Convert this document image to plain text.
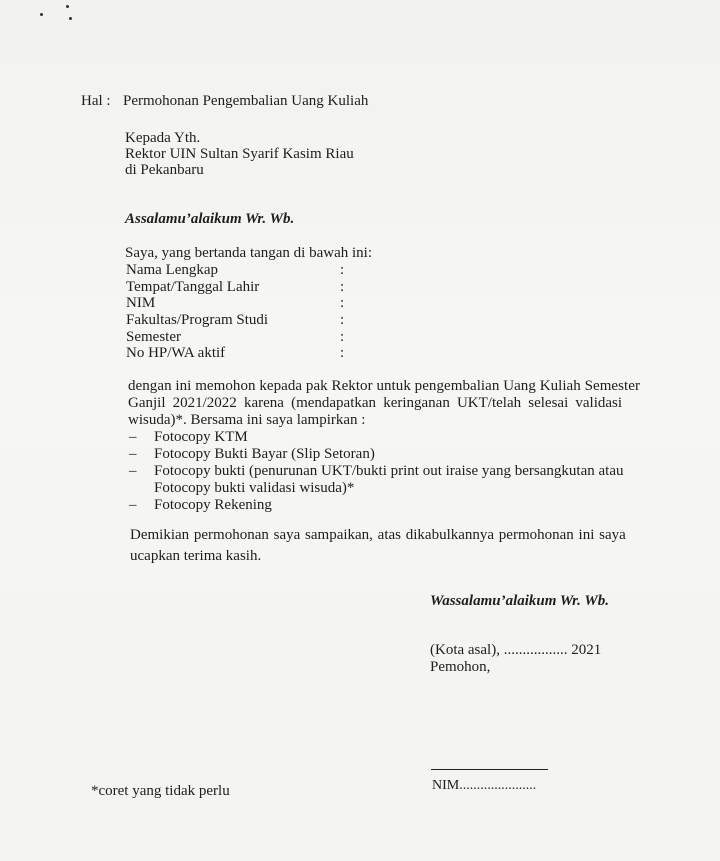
Hal : Permohonan Pengembalian Uang Kuliah
Kepada Yth.
Rektor UIN Sultan Syarif Kasim Riau
di Pekanbaru
Assalamu’alaikum Wr. Wb.
Saya, yang bertanda tangan di bawah ini:
Nama Lengkap	:
Tempat/Tanggal Lahir	:
NIM	:
Fakultas/Program Studi	:
Semester	:
No HP/WA aktif	:
dengan ini memohon kepada pak Rektor untuk pengembalian Uang Kuliah Semester
Ganjil 2021/2022 karena (mendapatkan keringanan UKT/telah selesai validasi
wisuda)*. Bersama ini saya lampirkan :
– Fotocopy KTM
– Fotocopy Bukti Bayar (Slip Setoran)
– Fotocopy bukti (penurunan UKT/bukti print out iraise yang bersangkutan atau
Fotocopy bukti validasi wisuda)*
– Fotocopy Rekening
Demikian permohonan saya sampaikan, atas dikabulkannya permohonan ini saya
ucapkan terima kasih.
Wassalamu’alaikum Wr. Wb.
(Kota asal), ................. 2021
Pemohon,
NIM......................
*coret yang tidak perlu
